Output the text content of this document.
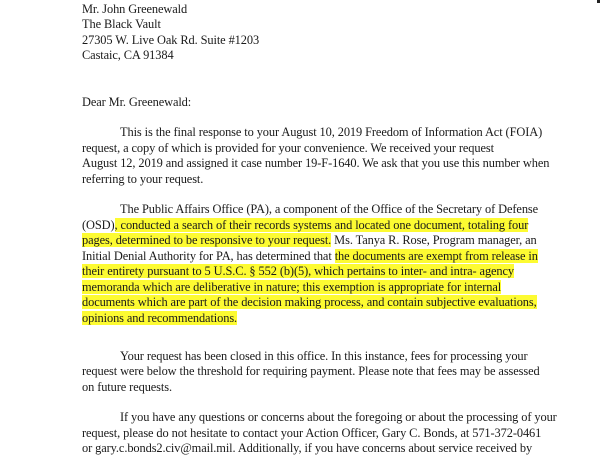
Mr. John Greenewald
The Black Vault
27305 W. Live Oak Rd. Suite #1203
Castaic, CA 91384
Dear Mr. Greenewald:
This is the final response to your August 10, 2019 Freedom of Information Act (FOIA)
request, a copy of which is provided for your convenience. We received your request
August 12, 2019 and assigned it case number 19-F-1640. We ask that you use this number when
referring to your request.
The Public Affairs Office (PA), a component of the Office of the Secretary of Defense
(OSD), conducted a search of their records systems and located one document, totaling four
pages, determined to be responsive to your request. Ms. Tanya R. Rose, Program manager, an
Initial Denial Authority for PA, has determined that the documents are exempt from release in
their entirety pursuant to 5 U.S.C. § 552 (b)(5), which pertains to inter- and intra- agency
memoranda which are deliberative in nature; this exemption is appropriate for internal
documents which are part of the decision making process, and contain subjective evaluations,
opinions and recommendations.
Your request has been closed in this office. In this instance, fees for processing your
request were below the threshold for requiring payment. Please note that fees may be assessed
on future requests.
If you have any questions or concerns about the foregoing or about the processing of your
request, please do not hesitate to contact your Action Officer, Gary C. Bonds, at 571-372-0461
or gary.c.bonds2.civ@mail.mil. Additionally, if you have concerns about service received by
